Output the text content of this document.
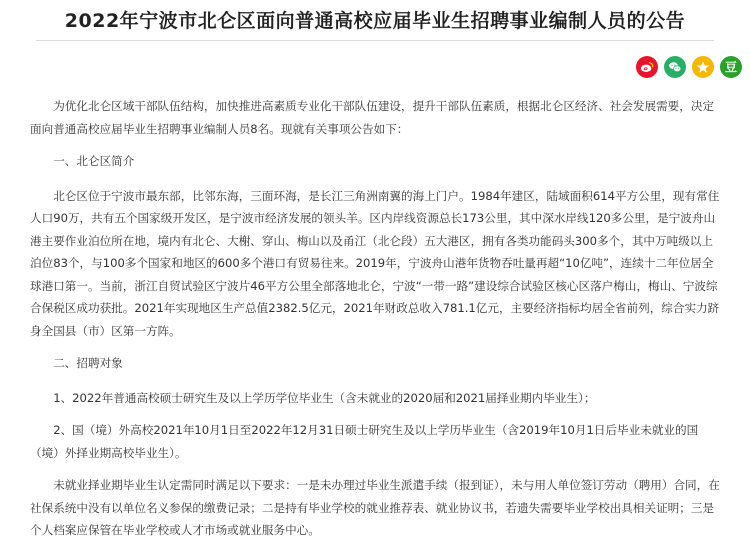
2022年宁波市北仑区面向普通高校应届毕业生招聘事业编制人员的公告
豆

为优化北仑区域干部队伍结构，加快推进高素质专业化干部队伍建设，提升干部队伍素质，根据北仑区经济、社会发展需要，决定面向普通高校应届毕业生招聘事业编制人员8名。现就有关事项公告如下：

一、北仑区简介

北仑区位于宁波市最东部，比邻东海，三面环海，是长江三角洲南翼的海上门户。1984年建区，陆域面积614平方公里，现有常住人口90万，共有五个国家级开发区，是宁波市经济发展的领头羊。区内岸线资源总长173公里，其中深水岸线120多公里，是宁波舟山港主要作业泊位所在地，境内有北仑、大榭、穿山、梅山以及甬江（北仑段）五大港区，拥有各类功能码头300多个，其中万吨级以上泊位83个，与100多个国家和地区的600多个港口有贸易往来。2019年，宁波舟山港年货物吞吐量再超“10亿吨”，连续十二年位居全球港口第一。当前，浙江自贸试验区宁波片46平方公里全部落地北仑，宁波“一带一路”建设综合试验区核心区落户梅山，梅山、宁波综合保税区成功获批。2021年实现地区生产总值2382.5亿元，2021年财政总收入781.1亿元，主要经济指标均居全省前列，综合实力跻身全国县（市）区第一方阵。

二、招聘对象

1、2022年普通高校硕士研究生及以上学历学位毕业生（含未就业的2020届和2021届择业期内毕业生）；

2、国（境）外高校2021年10月1日至2022年12月31日硕士研究生及以上学历毕业生（含2019年10月1日后毕业未就业的国（境）外择业期高校毕业生）。

未就业择业期毕业生认定需同时满足以下要求：一是未办理过毕业生派遣手续（报到证），未与用人单位签订劳动（聘用）合同，在社保系统中没有以单位名义参保的缴费记录；二是持有毕业学校的就业推荐表、就业协议书，若遗失需要毕业学校出具相关证明；三是个人档案应保管在毕业学校或人才市场或就业服务中心。
